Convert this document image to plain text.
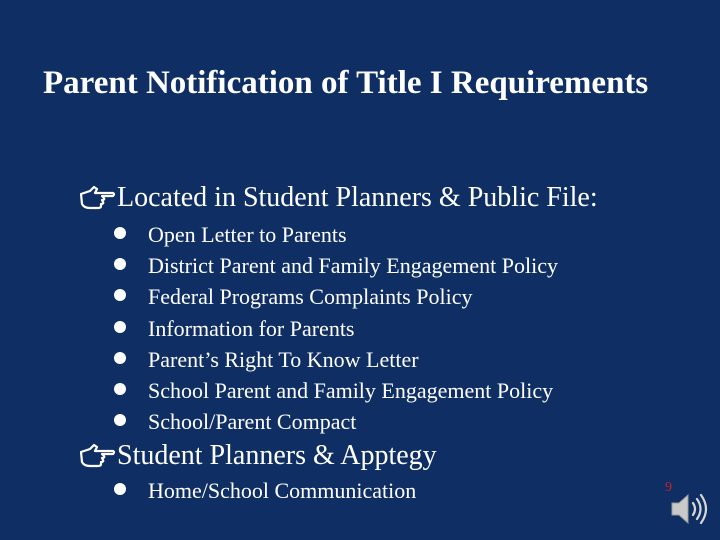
Parent Notification of Title I Requirements
Located in Student Planners & Public File:
Open Letter to Parents
District Parent and Family Engagement Policy
Federal Programs Complaints Policy
Information for Parents
Parent’s Right To Know Letter
School Parent and Family Engagement Policy
School/Parent Compact
Student Planners & Apptegy
Home/School Communication	9
